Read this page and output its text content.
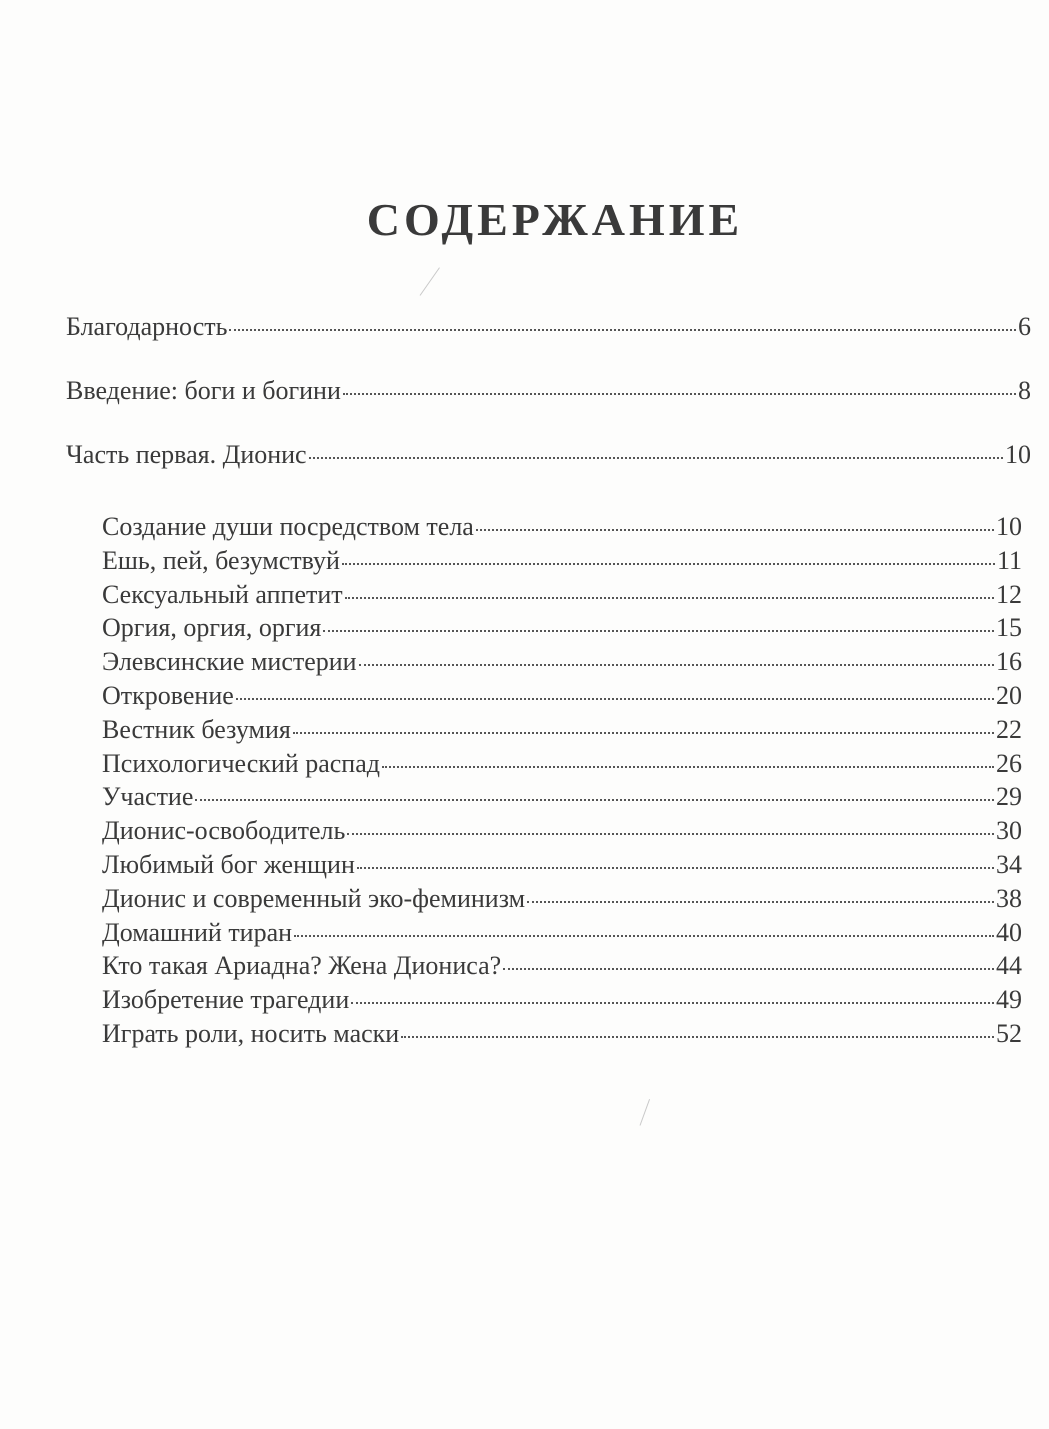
СОДЕРЖАНИЕ
Благодарность	6
Введение: боги и богини	8
Часть первая. Дионис	10
Создание души посредством тела	10
Ешь, пей, безумствуй	11
Сексуальный аппетит	12
Оргия, оргия, оргия	15
Элевсинские мистерии	16
Откровение	20
Вестник безумия	22
Психологический распад	26
Участие	29
Дионис-освободитель	30
Любимый бог женщин	34
Дионис и современный эко-феминизм	38
Домашний тиран	40
Кто такая Ариадна? Жена Диониса?	44
Изобретение трагедии	49
Играть роли, носить маски	52
